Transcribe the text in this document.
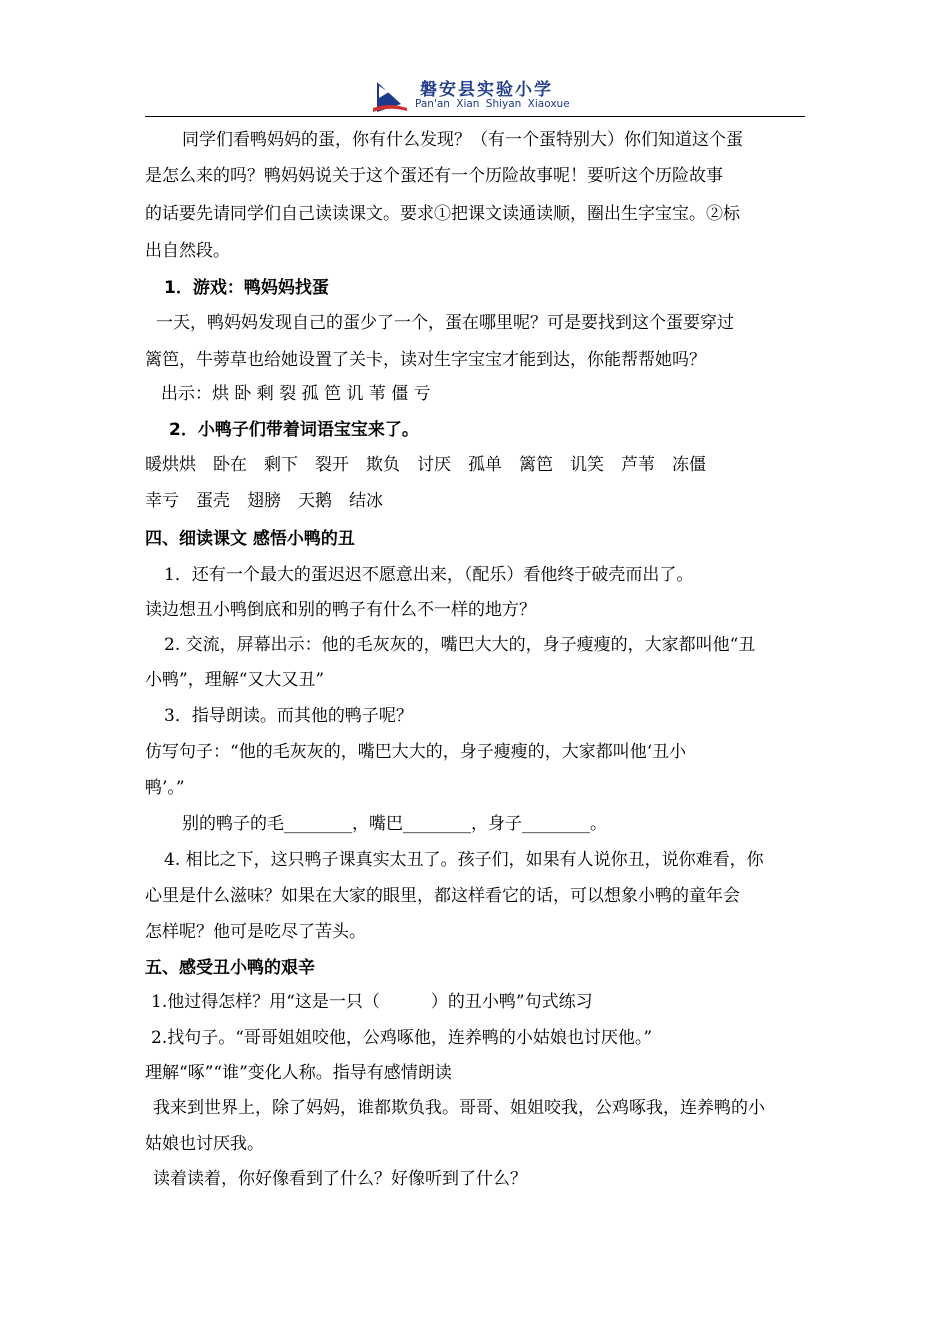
磐安县实验小学
Pan'an Xian Shiyan Xiaoxue
同学们看鸭妈妈的蛋，你有什么发现？（有一个蛋特别大）你们知道这个蛋
是怎么来的吗？鸭妈妈说关于这个蛋还有一个历险故事呢！要听这个历险故事
的话要先请同学们自己读读课文。要求①把课文读通读顺，圈出生字宝宝。②标
出自然段。
1．游戏：鸭妈妈找蛋
一天，鸭妈妈发现自己的蛋少了一个，蛋在哪里呢？可是要找到这个蛋要穿过
篱笆，牛蒡草也给她设置了关卡，读对生字宝宝才能到达，你能帮帮她吗？
出示：烘 卧 剩 裂 孤 笆 讥 苇 僵 亏
2．小鸭子们带着词语宝宝来了。
暖烘烘　卧在　剩下　裂开　欺负　讨厌　孤单　篱笆　讥笑　芦苇　冻僵
幸亏　蛋壳　翅膀　天鹅　结冰
四、细读课文 感悟小鸭的丑
1．还有一个最大的蛋迟迟不愿意出来，（配乐）看他终于破壳而出了。
读边想丑小鸭倒底和别的鸭子有什么不一样的地方？
2. 交流，屏幕出示：他的毛灰灰的，嘴巴大大的，身子瘦瘦的，大家都叫他“丑
小鸭”，理解“又大又丑”
3．指导朗读。而其他的鸭子呢？
仿写句子：“他的毛灰灰的，嘴巴大大的，身子瘦瘦的，大家都叫他‘丑小
鸭’。”
别的鸭子的毛________，嘴巴________，身子________。
4. 相比之下，这只鸭子课真实太丑了。孩子们，如果有人说你丑，说你难看，你
心里是什么滋味？如果在大家的眼里，都这样看它的话，可以想象小鸭的童年会
怎样呢？他可是吃尽了苦头。
五、感受丑小鸭的艰辛
1.他过得怎样？用“这是一只（　　　）的丑小鸭”句式练习
2.找句子。“哥哥姐姐咬他，公鸡啄他，连养鸭的小姑娘也讨厌他。”
理解“啄”“谁”变化人称。指导有感情朗读
我来到世界上，除了妈妈，谁都欺负我。哥哥、姐姐咬我，公鸡啄我，连养鸭的小
姑娘也讨厌我。
读着读着，你好像看到了什么？好像听到了什么？
